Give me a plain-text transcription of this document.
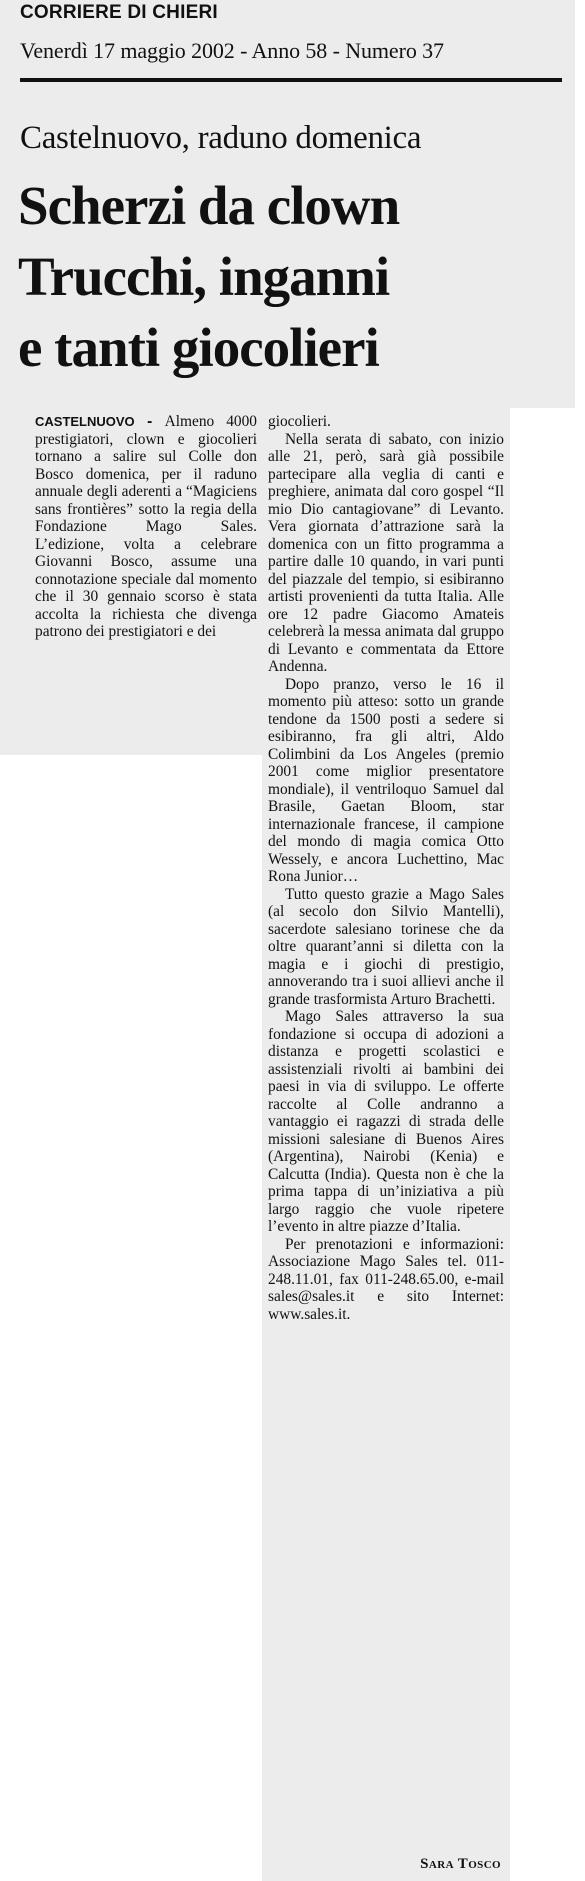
CORRIERE DI CHIERI
Venerdì 17 maggio 2002 - Anno 58 - Numero 37
Castelnuovo, raduno domenica
Scherzi da clown
Trucchi, inganni
e tanti giocolieri

CASTELNUOVO - Almeno 4000 prestigiatori, clown e giocolieri tornano a salire sul Colle don Bosco domenica, per il raduno annuale degli aderenti a “Magiciens sans frontières” sotto la regia della Fondazione Mago Sales. L’edizione, volta a celebrare Giovanni Bosco, assume una connotazione speciale dal momento che il 30 gennaio scorso è stata accolta la richiesta che divenga patrono dei prestigiatori e dei

giocolieri.

Nella serata di sabato, con inizio alle 21, però, sarà già possibile partecipare alla veglia di canti e preghiere, animata dal coro gospel “Il mio Dio cantagiovane” di Levanto. Vera giornata d’attrazione sarà la domenica con un fitto programma a partire dalle 10 quando, in vari punti del piazzale del tempio, si esibiranno artisti provenienti da tutta Italia. Alle ore 12 padre Giacomo Amateis celebrerà la messa animata dal gruppo di Levanto e commentata da Ettore Andenna.

Dopo pranzo, verso le 16 il momento più atteso: sotto un grande tendone da 1500 posti a sedere si esibiranno, fra gli altri, Aldo Colimbini da Los Angeles (premio 2001 come miglior presentatore mondiale), il ventriloquo Samuel dal Brasile, Gaetan Bloom, star internazionale francese, il campione del mondo di magia comica Otto Wessely, e ancora Luchettino, Mac Rona Junior…

Tutto questo grazie a Mago Sales (al secolo don Silvio Mantelli), sacerdote salesiano torinese che da oltre quarant’anni si diletta con la magia e i giochi di prestigio, annoverando tra i suoi allievi anche il grande trasformista Arturo Brachetti.

Mago Sales attraverso la sua fondazione si occupa di adozioni a distanza e progetti scolastici e assistenziali rivolti ai bambini dei paesi in via di sviluppo. Le offerte raccolte al Colle andranno a vantaggio ei ragazzi di strada delle missioni salesiane di Buenos Aires (Argentina), Nairobi (Kenia) e Calcutta (India). Questa non è che la prima tappa di un’iniziativa a più largo raggio che vuole ripetere l’evento in altre piazze d’Italia.

Per prenotazioni e informazioni: Associazione Mago Sales tel. 011-248.11.01, fax 011-248.65.00, e-mail sales@sales.it e sito Internet: www.sales.it.

Sara Tosco
